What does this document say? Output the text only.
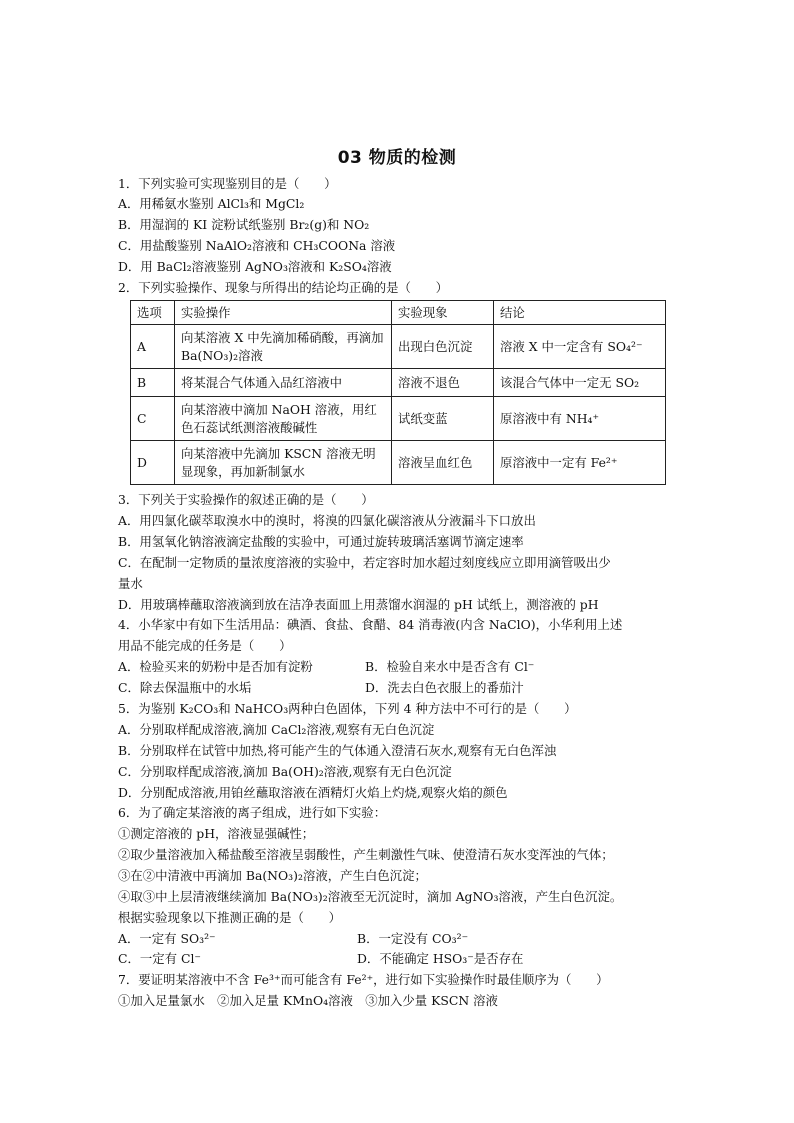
03 物质的检测
1．下列实验可实现鉴别目的是（　　）
A．用稀氨水鉴别 AlCl₃和 MgCl₂
B．用湿润的 KI 淀粉试纸鉴别 Br₂(g)和 NO₂
C．用盐酸鉴别 NaAlO₂溶液和 CH₃COONa 溶液
D．用 BaCl₂溶液鉴别 AgNO₃溶液和 K₂SO₄溶液
2．下列实验操作、现象与所得出的结论均正确的是（　　）
选项	实验操作	实验现象	结论
A	向某溶液 X 中先滴加稀硝酸，再滴加 Ba(NO₃)₂溶液	出现白色沉淀	溶液 X 中一定含有 SO₄²⁻
B	将某混合气体通入品红溶液中	溶液不退色	该混合气体中一定无 SO₂
C	向某溶液中滴加 NaOH 溶液，用红色石蕊试纸测溶液酸碱性	试纸变蓝	原溶液中有 NH₄⁺
D	向某溶液中先滴加 KSCN 溶液无明显现象，再加新制氯水	溶液呈血红色	原溶液中一定有 Fe²⁺
3．下列关于实验操作的叙述正确的是（　　）
A．用四氯化碳萃取溴水中的溴时，将溴的四氯化碳溶液从分液漏斗下口放出
B．用氢氧化钠溶液滴定盐酸的实验中，可通过旋转玻璃活塞调节滴定速率
C．在配制一定物质的量浓度溶液的实验中，若定容时加水超过刻度线应立即用滴管吸出少
量水
D．用玻璃棒蘸取溶液滴到放在洁净表面皿上用蒸馏水润湿的 pH 试纸上，测溶液的 pH
4．小华家中有如下生活用品：碘酒、食盐、食醋、84 消毒液(内含 NaClO)，小华利用上述
用品不能完成的任务是（　　）
A．检验买来的奶粉中是否加有淀粉	B．检验自来水中是否含有 Cl⁻
C．除去保温瓶中的水垢	D．洗去白色衣服上的番茄汁
5．为鉴别 K₂CO₃和 NaHCO₃两种白色固体，下列 4 种方法中不可行的是（　　）
A．分别取样配成溶液,滴加 CaCl₂溶液,观察有无白色沉淀
B．分别取样在试管中加热,将可能产生的气体通入澄清石灰水,观察有无白色浑浊
C．分别取样配成溶液,滴加 Ba(OH)₂溶液,观察有无白色沉淀
D．分别配成溶液,用铂丝蘸取溶液在酒精灯火焰上灼烧,观察火焰的颜色
6．为了确定某溶液的离子组成，进行如下实验：
①测定溶液的 pH，溶液显强碱性；
②取少量溶液加入稀盐酸至溶液呈弱酸性，产生刺激性气味、使澄清石灰水变浑浊的气体；
③在②中清液中再滴加 Ba(NO₃)₂溶液，产生白色沉淀；
④取③中上层清液继续滴加 Ba(NO₃)₂溶液至无沉淀时，滴加 AgNO₃溶液，产生白色沉淀。
根据实验现象以下推测正确的是（　　）
A．一定有 SO₃²⁻	B．一定没有 CO₃²⁻
C．一定有 Cl⁻	D．不能确定 HSO₃⁻是否存在
7．要证明某溶液中不含 Fe³⁺而可能含有 Fe²⁺，进行如下实验操作时最佳顺序为（　　）
①加入足量氯水　②加入足量 KMnO₄溶液　③加入少量 KSCN 溶液
